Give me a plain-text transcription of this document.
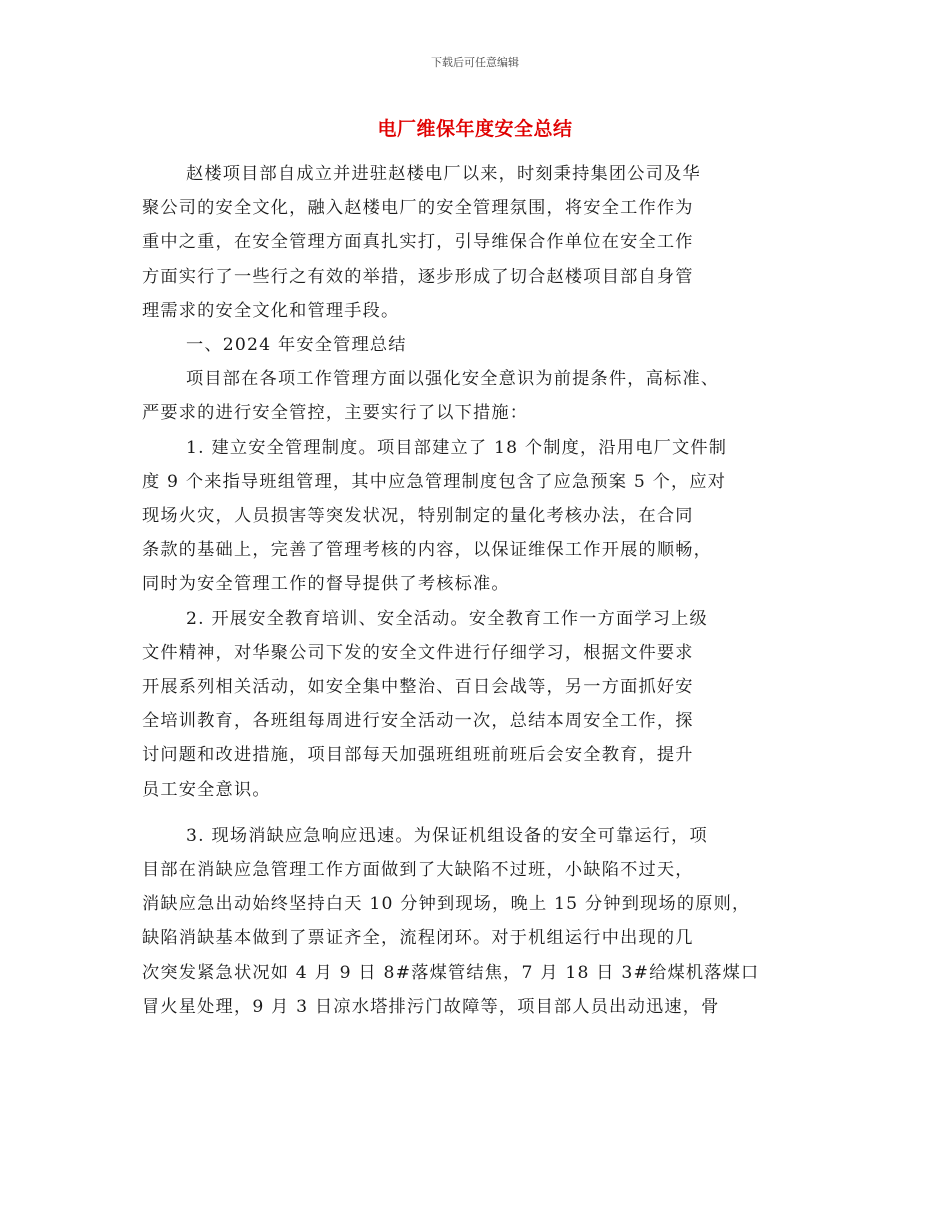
下载后可任意编辑
电厂维保年度安全总结

赵楼项目部自成立并进驻赵楼电厂以来，时刻秉持集团公司及华
聚公司的安全文化，融入赵楼电厂的安全管理氛围，将安全工作作为
重中之重，在安全管理方面真扎实打，引导维保合作单位在安全工作
方面实行了一些行之有效的举措，逐步形成了切合赵楼项目部自身管
理需求的安全文化和管理手段。

一、2024 年安全管理总结

项目部在各项工作管理方面以强化安全意识为前提条件，高标准、
严要求的进行安全管控，主要实行了以下措施：

1. 建立安全管理制度。项目部建立了 18 个制度，沿用电厂文件制
度 9 个来指导班组管理，其中应急管理制度包含了应急预案 5 个，应对
现场火灾，人员损害等突发状况，特别制定的量化考核办法，在合同
条款的基础上，完善了管理考核的内容，以保证维保工作开展的顺畅，
同时为安全管理工作的督导提供了考核标准。

2. 开展安全教育培训、安全活动。安全教育工作一方面学习上级
文件精神，对华聚公司下发的安全文件进行仔细学习，根据文件要求
开展系列相关活动，如安全集中整治、百日会战等，另一方面抓好安
全培训教育，各班组每周进行安全活动一次，总结本周安全工作，探
讨问题和改进措施，项目部每天加强班组班前班后会安全教育，提升
员工安全意识。

3. 现场消缺应急响应迅速。为保证机组设备的安全可靠运行，项
目部在消缺应急管理工作方面做到了大缺陷不过班，小缺陷不过天，
消缺应急出动始终坚持白天 10 分钟到现场，晚上 15 分钟到现场的原则，
缺陷消缺基本做到了票证齐全，流程闭环。对于机组运行中出现的几
次突发紧急状况如 4 月 9 日 8#落煤管结焦，7 月 18 日 3#给煤机落煤口
冒火星处理，9 月 3 日凉水塔排污门故障等，项目部人员出动迅速，骨
